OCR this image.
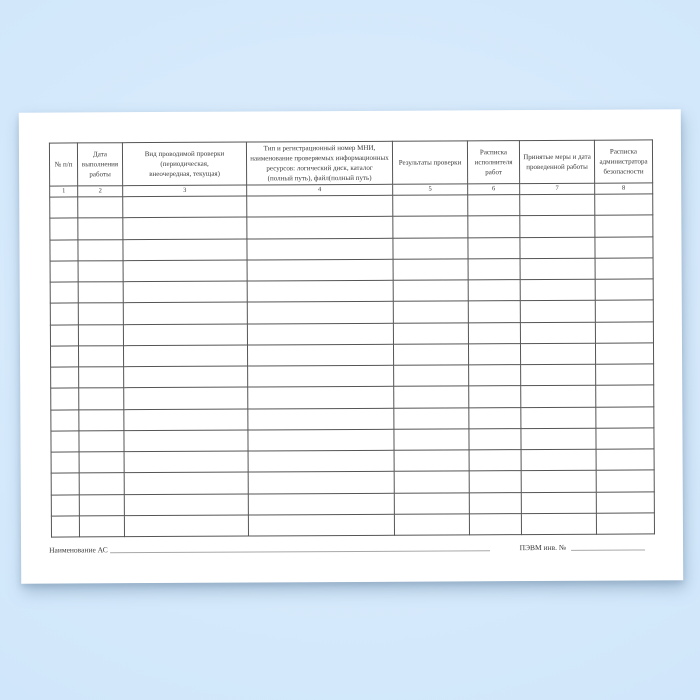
№ п/п	Дата
выполнения
работы	Вид проводимой проверки
(периодическая,
внеочередная, текущая)	Тип и регистрационный номер МНИ,
наименование проверяемых информационных
ресурсов: логический диск, каталог
(полный путь), файл(полный путь)	Результаты проверки	Расписка
исполнителя
работ	Принятые меры и дата
проведенной работы	Расписка
администратора
безопасности
1	2	3	4	5	6	7	8

Наименование АС	ПЭВМ инв. №
